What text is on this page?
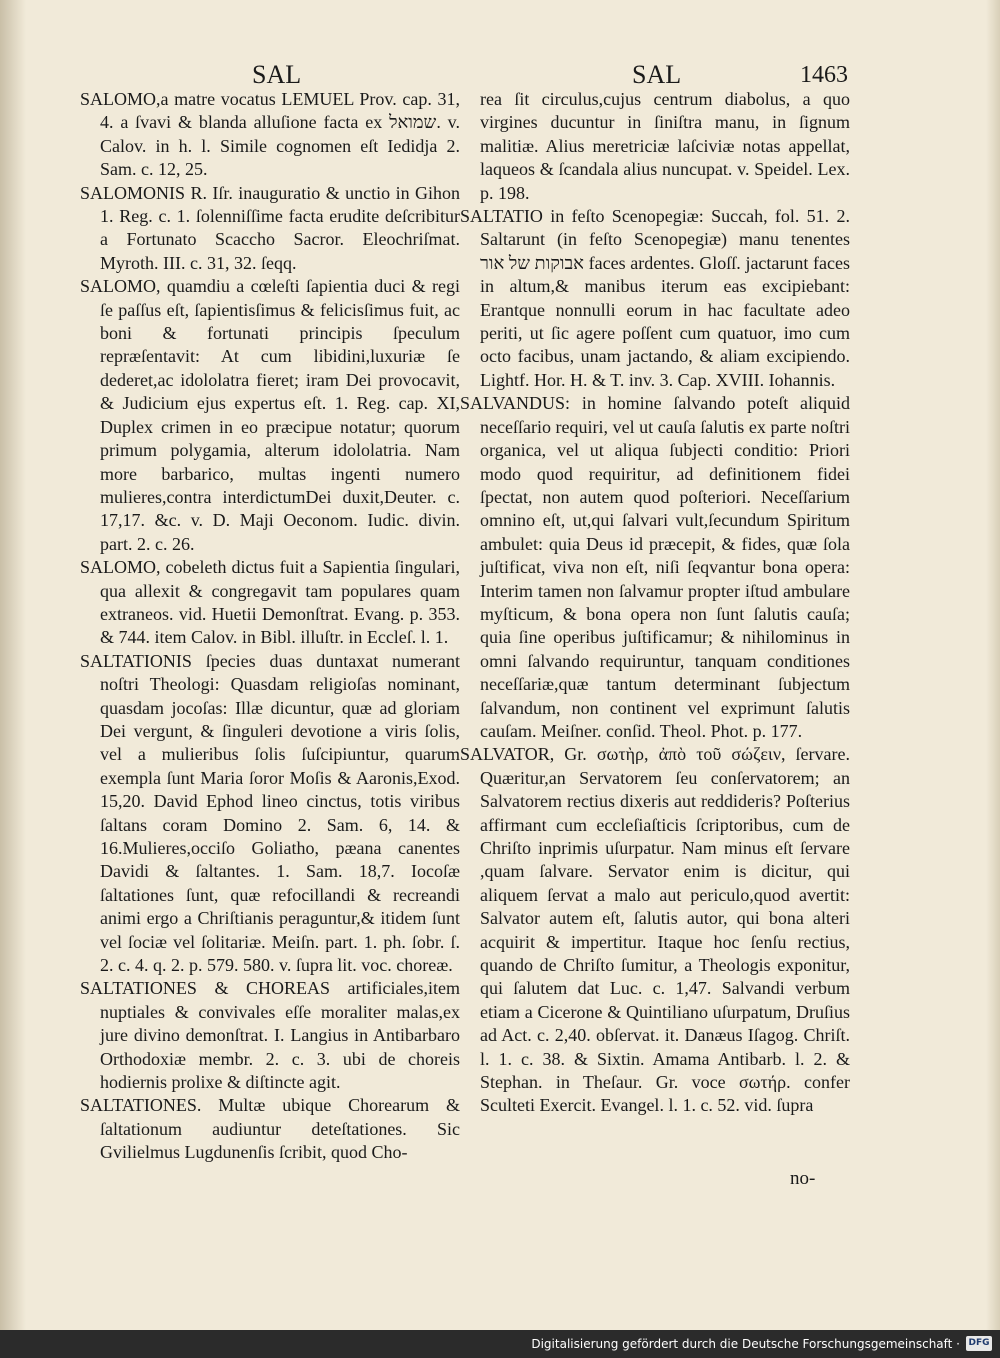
SAL	SAL	1463

SALOMO,a matre vocatus LEMUEL Prov. cap. 31, 4. a ſvavi & blanda alluſione facta ex שמואל. v. Calov. in h. l. Simile cognomen eſt Iedidja 2. Sam. c. 12, 25.

SALOMONIS R. Iſr. inauguratio & unctio in Gihon 1. Reg. c. 1. ſolenniſſime facta erudite deſcribitur a Fortunato Scaccho Sacror. Eleochriſmat. Myroth. III. c. 31, 32. ſeqq.

SALOMO, quamdiu a cœleſti ſapientia duci & regi ſe paſſus eſt, ſapientisſimus & felicisſimus fuit, ac boni & fortunati principis ſpeculum repræſentavit: At cum libidini,luxuriæ ſe dederet,ac idololatra fieret; iram Dei provocavit, & Judicium ejus expertus eſt. 1. Reg. cap. XI, Duplex crimen in eo præcipue notatur; quorum primum polygamia, alterum idololatria. Nam more barbarico, multas ingenti numero mulieres,contra interdictumDei duxit,Deuter. c. 17,17. &c. v. D. Maji Oeconom. Iudic. divin. part. 2. c. 26.

SALOMO, cobeleth dictus fuit a Sapientia ſingulari, qua allexit & congregavit tam populares quam extraneos. vid. Huetii Demonſtrat. Evang. p. 353. & 744. item Calov. in Bibl. illuſtr. in Eccleſ. l. 1.

SALTATIONIS ſpecies duas duntaxat numerant noſtri Theologi: Quasdam religioſas nominant, quasdam jocoſas: Illæ dicuntur, quæ ad gloriam Dei vergunt, & ſinguleri devotione a viris ſolis, vel a mulieribus ſolis ſuſcipiuntur, quarum exempla ſunt Maria ſoror Moſis & Aaronis,Exod. 15,20. David Ephod lineo cinctus, totis viribus ſaltans coram Domino 2. Sam. 6, 14. & 16.Mulieres,occiſo Goliatho, pæana canentes Davidi & ſaltantes. 1. Sam. 18,7. Iocoſæ ſaltationes ſunt, quæ refocillandi & recreandi animi ergo a Chriſtianis peraguntur,& itidem ſunt vel ſociæ vel ſolitariæ. Meiſn. part. 1. ph. ſobr. ſ. 2. c. 4. q. 2. p. 579. 580. v. ſupra lit. voc. choreæ.

SALTATIONES & CHOREAS artificiales,item nuptiales & convivales eſſe moraliter malas,ex jure divino demonſtrat. I. Langius in Antibarbaro Orthodoxiæ membr. 2. c. 3. ubi de choreis hodiernis prolixe & diſtincte agit.

SALTATIONES. Multæ ubique Chorearum & ſaltationum audiuntur deteſtationes. Sic Gvilielmus Lugdunenſis ſcribit, quod Cho-

rea ſit circulus,cujus centrum diabolus, a quo virgines ducuntur in ſiniſtra manu, in ſignum malitiæ. Alius meretriciæ laſciviæ notas appellat, laqueos & ſcandala alius nuncupat. v. Speidel. Lex. p. 198.

SALTATIO in feſto Scenopegiæ: Succah, fol. 51. 2. Saltarunt (in feſto Scenopegiæ) manu tenentes אבוקות של אור faces ardentes. Gloſſ. jactarunt faces in altum,& manibus iterum eas excipiebant: Erantque nonnulli eorum in hac facultate adeo periti, ut ſic agere poſſent cum quatuor, imo cum octo facibus, unam jactando, & aliam excipiendo. Lightf. Hor. H. & T. inv. 3. Cap. XVIII. Iohannis.

SALVANDUS: in homine ſalvando poteſt aliquid neceſſario requiri, vel ut cauſa ſalutis ex parte noſtri organica, vel ut aliqua ſubjecti conditio: Priori modo quod requiritur, ad definitionem fidei ſpectat, non autem quod poſteriori. Neceſſarium omnino eſt, ut,qui ſalvari vult,ſecundum Spiritum ambulet: quia Deus id præcepit, & fides, quæ ſola juſtificat, viva non eſt, niſi ſeqvantur bona opera: Interim tamen non ſalvamur propter iſtud ambulare myſticum, & bona opera non ſunt ſalutis cauſa; quia ſine operibus juſtificamur; & nihilominus in omni ſalvando requiruntur, tanquam conditiones neceſſariæ,quæ tantum determinant ſubjectum ſalvandum, non continent vel exprimunt ſalutis cauſam. Meiſner. conſid. Theol. Phot. p. 177.

SALVATOR, Gr. σωτὴρ, ἀπὸ τοῦ σώζειν, ſervare. Quæritur,an Servatorem ſeu conſervatorem; an Salvatorem rectius dixeris aut reddideris? Poſterius affirmant cum eccleſiaſticis ſcriptoribus, cum de Chriſto inprimis uſurpatur. Nam minus eſt ſervare ,quam ſalvare. Servator enim is dicitur, qui aliquem ſervat a malo aut periculo,quod avertit: Salvator autem eſt, ſalutis autor, qui bona alteri acquirit & impertitur. Itaque hoc ſenſu rectius, quando de Chriſto ſumitur, a Theologis exponitur, qui ſalutem dat Luc. c. 1,47. Salvandi verbum etiam a Cicerone & Quintiliano uſurpatum, Druſius ad Act. c. 2,40. obſervat. it. Danæus Iſagog. Chriſt. l. 1. c. 38. & Sixtin. Amama Antibarb. l. 2. & Stephan. in Theſaur. Gr. voce σωτήρ. confer Sculteti Exercit. Evangel. l. 1. c. 52. vid. ſupra

no-
Digitalisierung gefördert durch die Deutsche Forschungsgemeinschaft · DFG
